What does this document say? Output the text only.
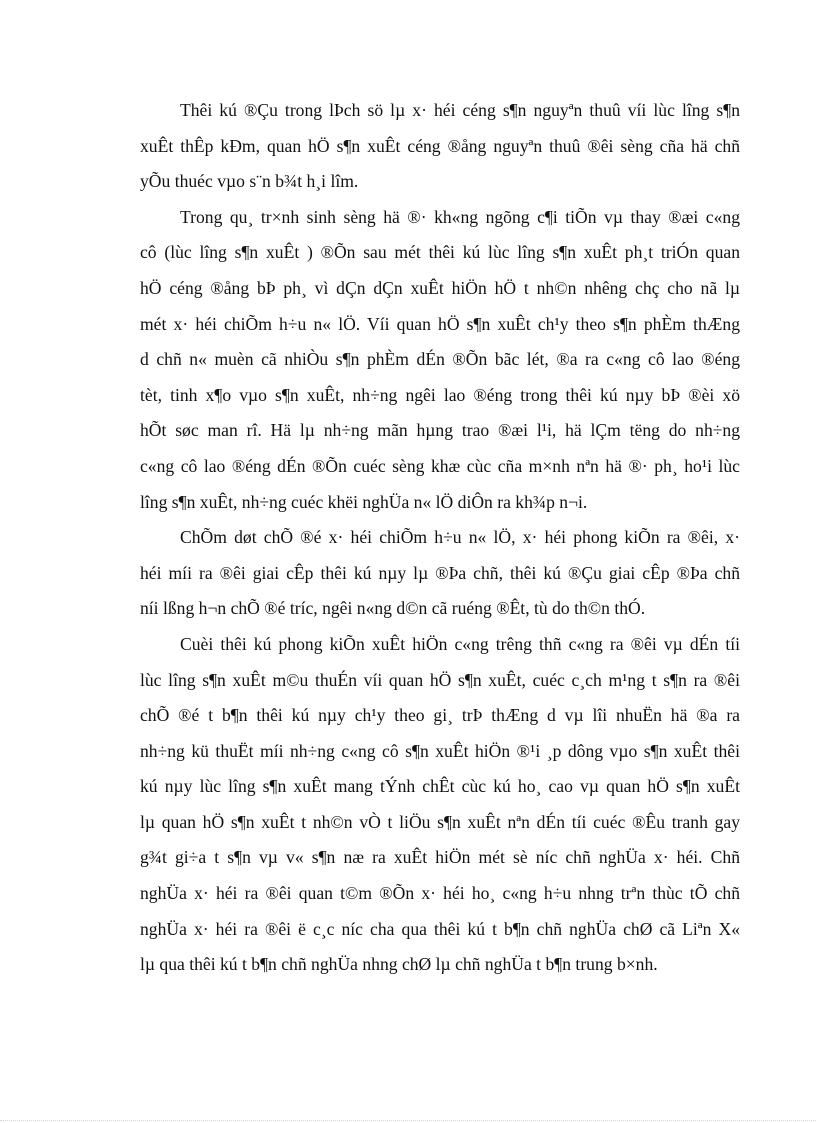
Thêi kú ®Çu trong lÞch sö lµ x· héi céng s¶n nguyªn thuû víi lùc lîng s¶n
xuÊt thÊp kÐm, quan hÖ s¶n xuÊt céng ®ång nguyªn thuû ®êi sèng cña hä chñ
yÕu thuéc vµo s¨n b¾t h¸i lîm.
Trong qu¸ tr×nh sinh sèng hä ®· kh«ng ngõng c¶i tiÕn vµ thay ®æi c«ng
cô (lùc lîng s¶n xuÊt ) ®Õn sau mét thêi kú lùc lîng s¶n xuÊt ph¸t triÓn quan
hÖ céng ®ång bÞ ph¸ vì dÇn dÇn xuÊt hiÖn hÖ t nh©n nhêng chç cho nã lµ
mét x· héi chiÕm h÷u n« lÖ. Víi quan hÖ s¶n xuÊt ch¹y theo s¶n phÈm thÆng
d chñ n« muèn cã nhiÒu s¶n phÈm dÉn ®Õn bãc lét, ®a ra c«ng cô lao ®éng
tèt, tinh x¶o vµo s¶n xuÊt, nh÷ng ngêi lao ®éng trong thêi kú nµy bÞ ®èi xö
hÕt søc man rî. Hä lµ nh÷ng mãn hµng trao ®æi l¹i, hä lÇm tëng do nh÷ng
c«ng cô lao ®éng dÉn ®Õn cuéc sèng khæ cùc cña m×nh nªn hä ®· ph¸ ho¹i lùc
lîng s¶n xuÊt, nh÷ng cuéc khëi nghÜa n« lÖ diÔn ra kh¾p n¬i.
ChÕm døt chÕ ®é x· héi chiÕm h÷u n« lÖ, x· héi phong kiÕn ra ®êi, x·
héi míi ra ®êi giai cÊp thêi kú nµy lµ ®Þa chñ, thêi kú ®Çu giai cÊp ®Þa chñ
níi lßng h¬n chÕ ®é tríc, ngêi n«ng d©n cã ruéng ®Êt, tù do th©n thÓ.
Cuèi thêi kú phong kiÕn xuÊt hiÖn c«ng trêng thñ c«ng ra ®êi vµ dÉn tíi
lùc lîng s¶n xuÊt m©u thuÉn víi quan hÖ s¶n xuÊt, cuéc c¸ch m¹ng t s¶n ra ®êi
chÕ ®é t b¶n thêi kú nµy ch¹y theo gi¸ trÞ thÆng d vµ lîi nhuËn hä ®a ra
nh÷ng kü thuËt míi nh÷ng c«ng cô s¶n xuÊt hiÖn ®¹i ¸p dông vµo s¶n xuÊt thêi
kú nµy lùc lîng s¶n xuÊt mang tÝnh chÊt cùc kú ho¸ cao vµ quan hÖ s¶n xuÊt
lµ quan hÖ s¶n xuÊt t nh©n vÒ t liÖu s¶n xuÊt nªn dÉn tíi cuéc ®Êu tranh gay
g¾t gi÷a t s¶n vµ v« s¶n næ ra xuÊt hiÖn mét sè níc chñ nghÜa x· héi. Chñ
nghÜa x· héi ra ®êi quan t©m ®Õn x· héi ho¸ c«ng h÷u nhng trªn thùc tÕ chñ
nghÜa x· héi ra ®êi ë c¸c níc cha qua thêi kú t b¶n chñ nghÜa chØ cã Liªn X«
lµ qua thêi kú t b¶n chñ nghÜa nhng chØ lµ chñ nghÜa t b¶n trung b×nh.
